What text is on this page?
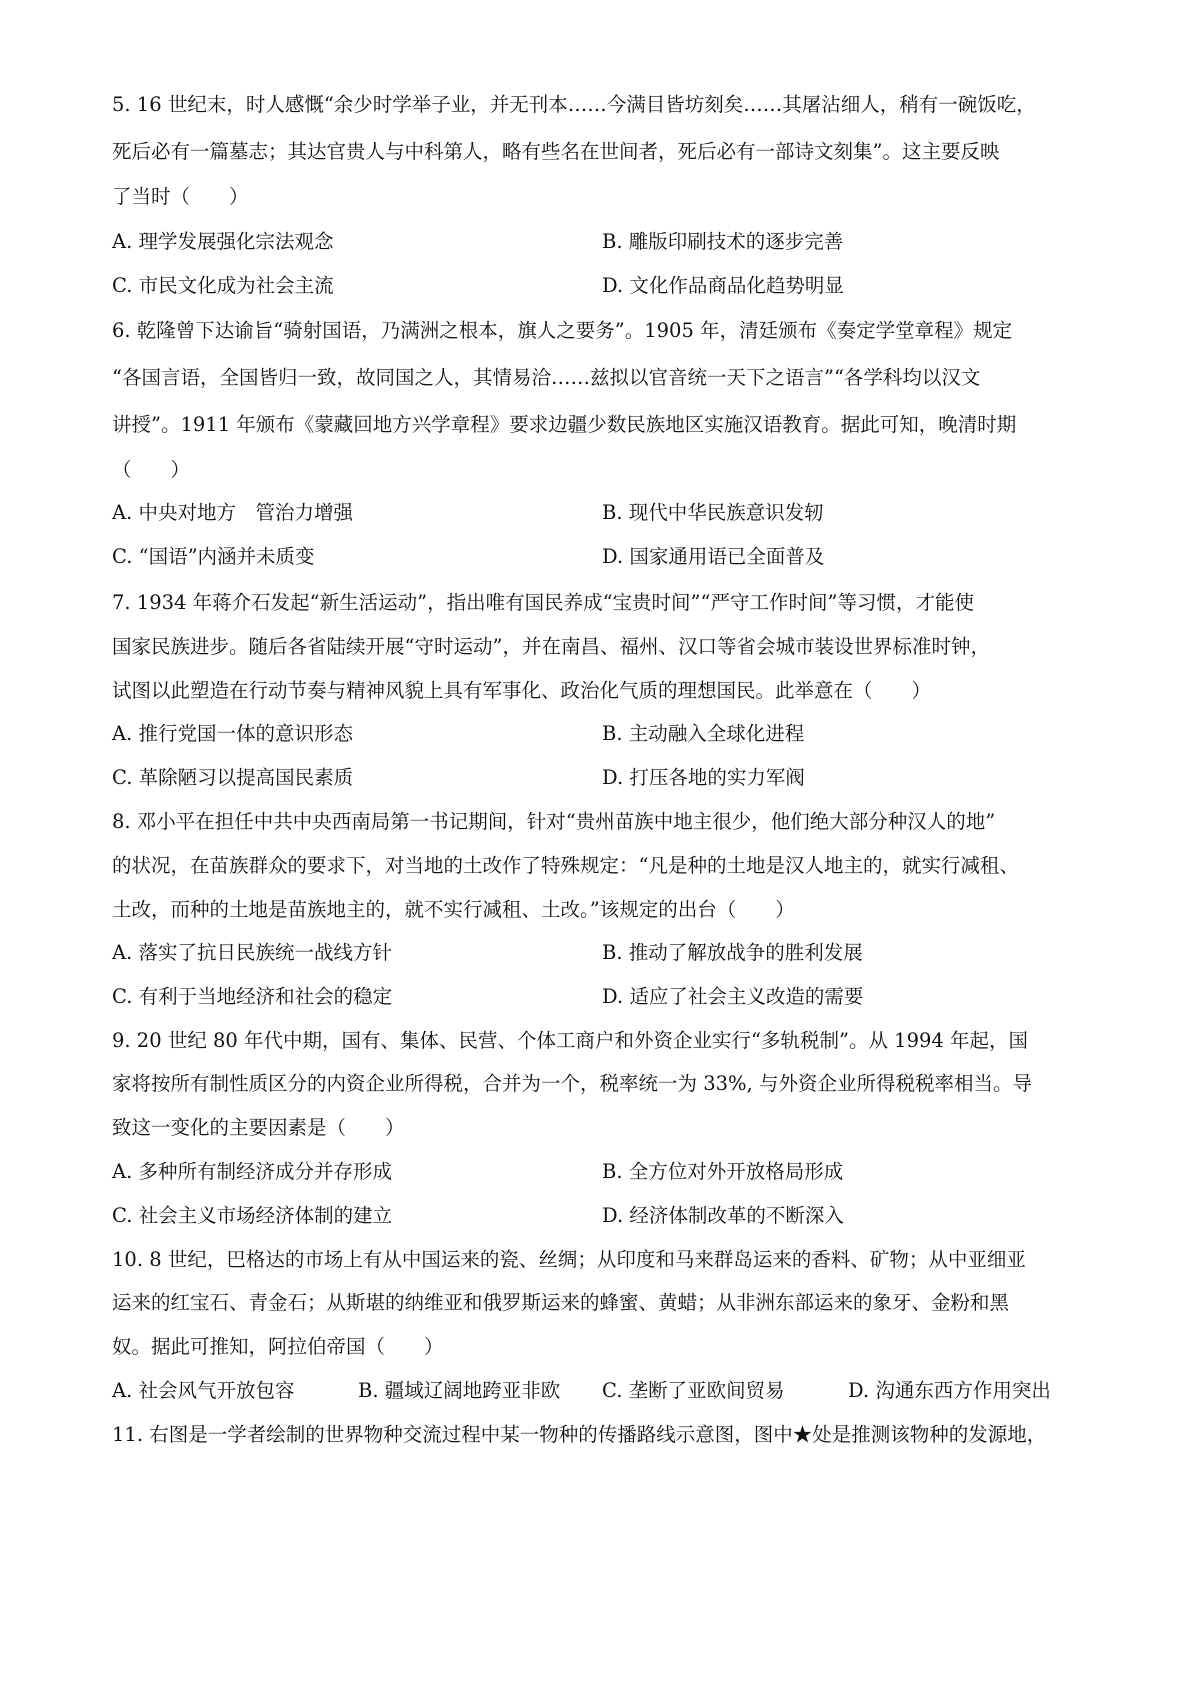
5. 16 世纪末，时人感慨“余少时学举子业，并无刊本……今满目皆坊刻矣……其屠沾细人，稍有一碗饭吃，
死后必有一篇墓志；其达官贵人与中科第人，略有些名在世间者，死后必有一部诗文刻集”。这主要反映
了当时（　　）
A. 理学发展强化宗法观念	B. 雕版印刷技术的逐步完善
C. 市民文化成为社会主流	D. 文化作品商品化趋势明显
6. 乾隆曾下达谕旨“骑射国语，乃满洲之根本，旗人之要务”。1905 年，清廷颁布《奏定学堂章程》规定
“各国言语，全国皆归一致，故同国之人，其情易洽……兹拟以官音统一天下之语言”“各学科均以汉文
讲授”。1911 年颁布《蒙藏回地方兴学章程》要求边疆少数民族地区实施汉语教育。据此可知，晚清时期
（　　）
A. 中央对地方　管治力增强	B. 现代中华民族意识发轫
C. “国语”内涵并未质变	D. 国家通用语已全面普及
7. 1934 年蒋介石发起“新生活运动”，指出唯有国民养成“宝贵时间”“严守工作时间”等习惯，才能使
国家民族进步。随后各省陆续开展“守时运动”，并在南昌、福州、汉口等省会城市装设世界标准时钟，
试图以此塑造在行动节奏与精神风貌上具有军事化、政治化气质的理想国民。此举意在（　　）
A. 推行党国一体的意识形态	B. 主动融入全球化进程
C. 革除陋习以提高国民素质	D. 打压各地的实力军阀
8. 邓小平在担任中共中央西南局第一书记期间，针对“贵州苗族中地主很少，他们绝大部分种汉人的地”
的状况，在苗族群众的要求下，对当地的土改作了特殊规定：“凡是种的土地是汉人地主的，就实行减租、
土改，而种的土地是苗族地主的，就不实行减租、土改。”该规定的出台（　　）
A. 落实了抗日民族统一战线方针	B. 推动了解放战争的胜利发展
C. 有利于当地经济和社会的稳定	D. 适应了社会主义改造的需要
9. 20 世纪 80 年代中期，国有、集体、民营、个体工商户和外资企业实行“多轨税制”。从 1994 年起，国
家将按所有制性质区分的内资企业所得税，合并为一个，税率统一为 33%, 与外资企业所得税税率相当。导
致这一变化的主要因素是（　　）
A. 多种所有制经济成分并存形成	B. 全方位对外开放格局形成
C. 社会主义市场经济体制的建立	D. 经济体制改革的不断深入
10. 8 世纪，巴格达的市场上有从中国运来的瓷、丝绸；从印度和马来群岛运来的香料、矿物；从中亚细亚
运来的红宝石、青金石；从斯堪的纳维亚和俄罗斯运来的蜂蜜、黄蜡；从非洲东部运来的象牙、金粉和黑
奴。据此可推知，阿拉伯帝国（　　）
A. 社会风气开放包容	B. 疆域辽阔地跨亚非欧 C. 垄断了亚欧间贸易	D. 沟通东西方作用突出
11. 右图是一学者绘制的世界物种交流过程中某一物种的传播路线示意图，图中★处是推测该物种的发源地，
